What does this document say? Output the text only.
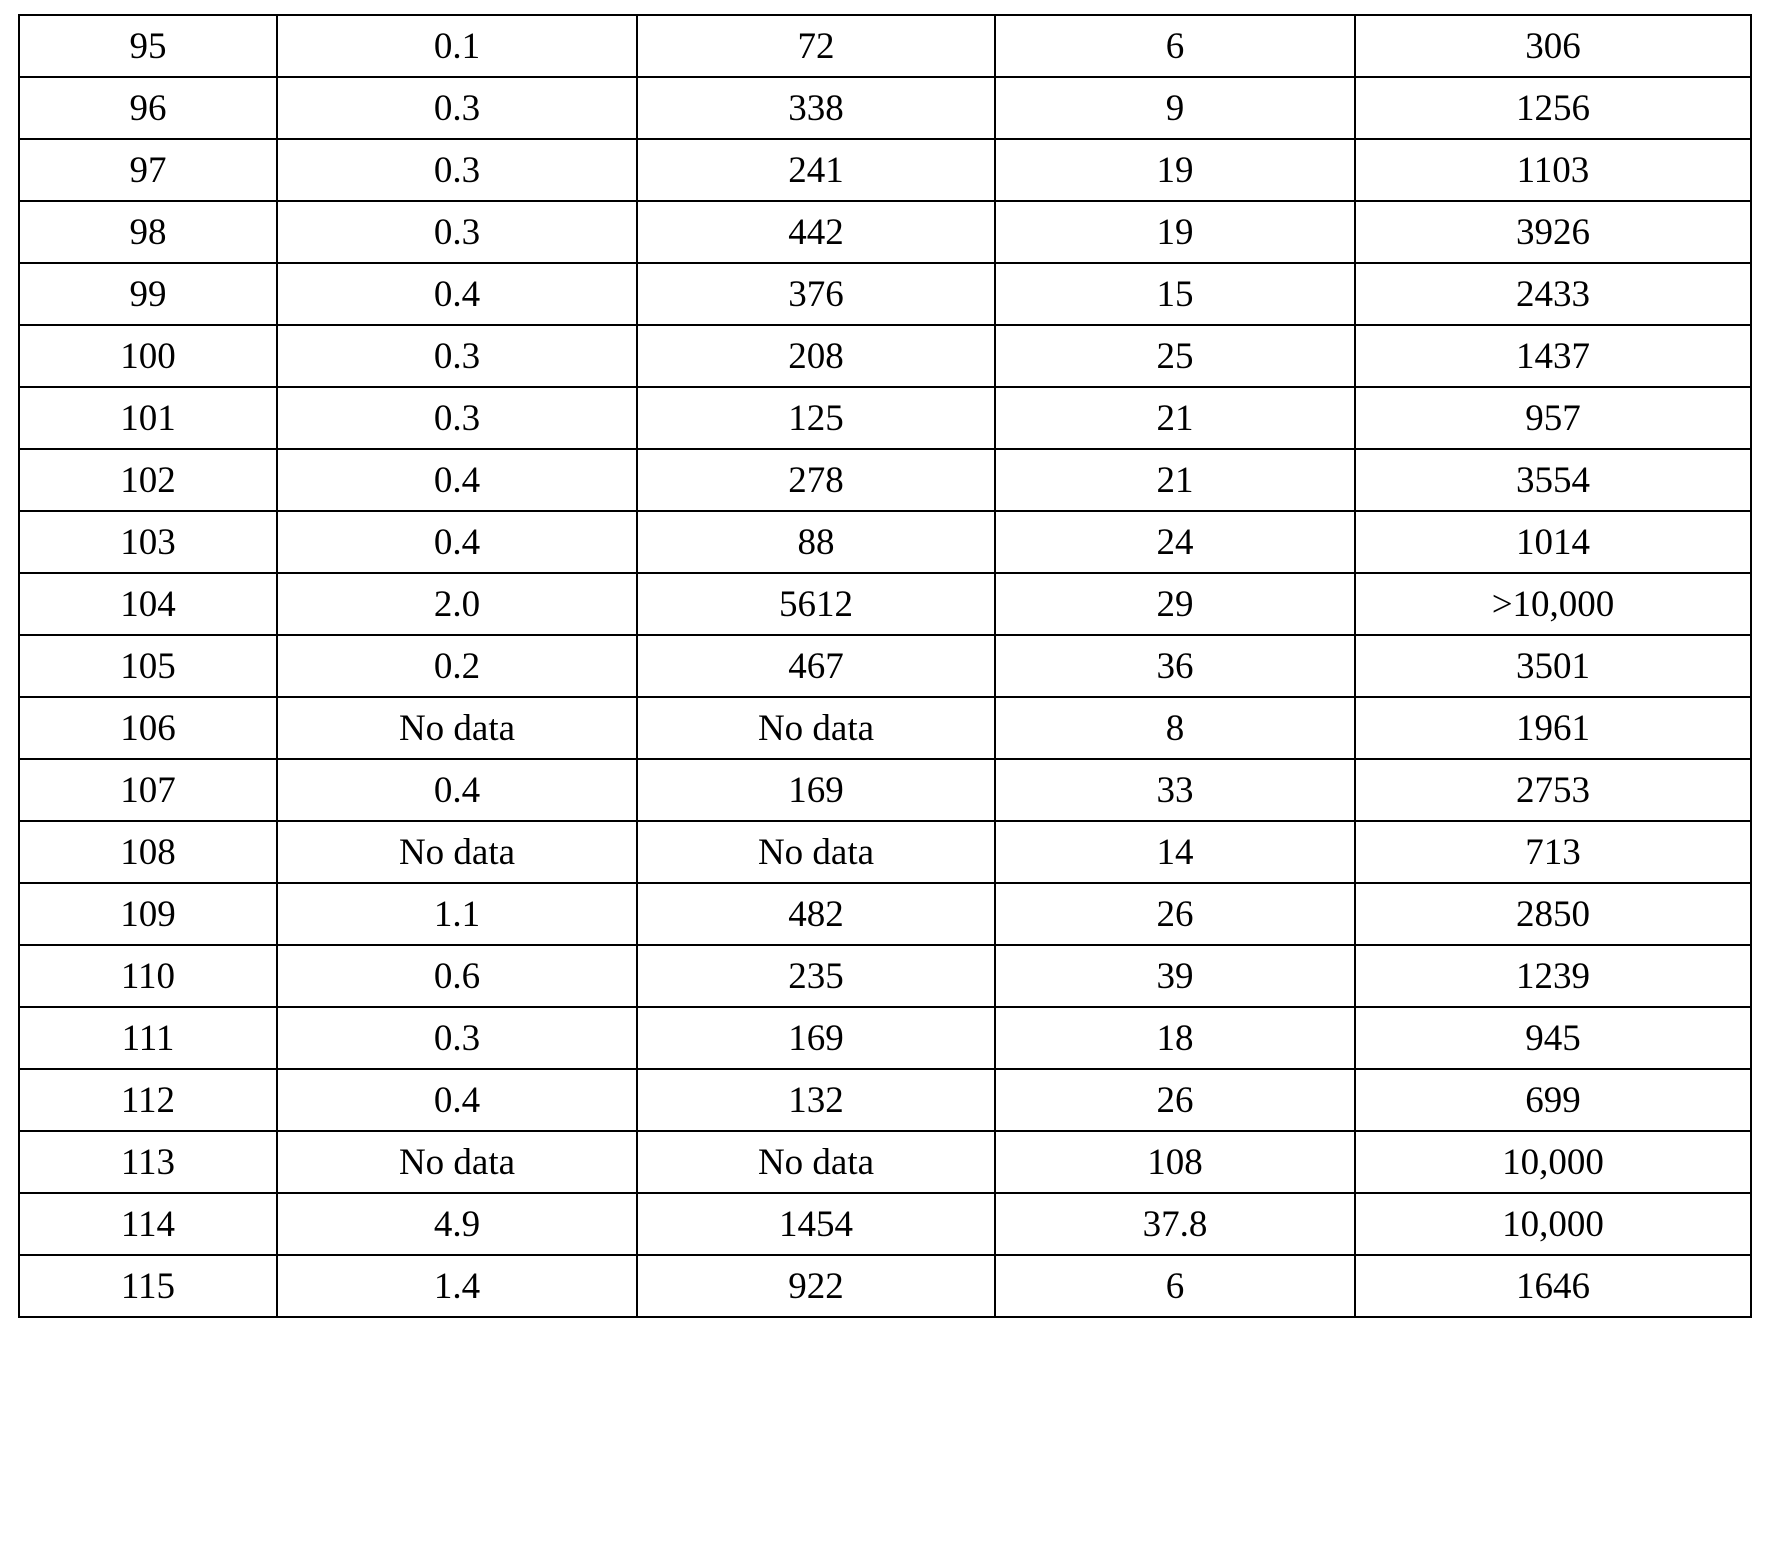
95	0.1	72	6	306
96	0.3	338	9	1256
97	0.3	241	19	1103
98	0.3	442	19	3926
99	0.4	376	15	2433
100	0.3	208	25	1437
101	0.3	125	21	957
102	0.4	278	21	3554
103	0.4	88	24	1014
104	2.0	5612	29	>10,000
105	0.2	467	36	3501
106	No data	No data	8	1961
107	0.4	169	33	2753
108	No data	No data	14	713
109	1.1	482	26	2850
110	0.6	235	39	1239
111	0.3	169	18	945
112	0.4	132	26	699
113	No data	No data	108	10,000
114	4.9	1454	37.8	10,000
115	1.4	922	6	1646
